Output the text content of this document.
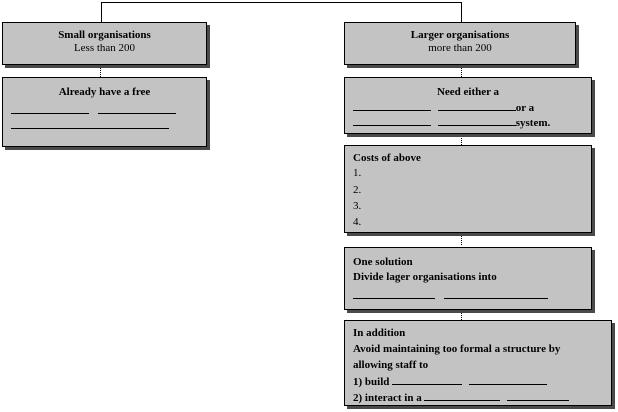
Small organisations
Less than 200
Larger organisations
more than 200
Already have a free
	Need either a
or a
system.
Costs of above
1.
2.
3.
4.
One solution
Divide lager organisations into

In addition
Avoid maintaining too formal a structure by
allowing staff to
1) build
2) interact in a
